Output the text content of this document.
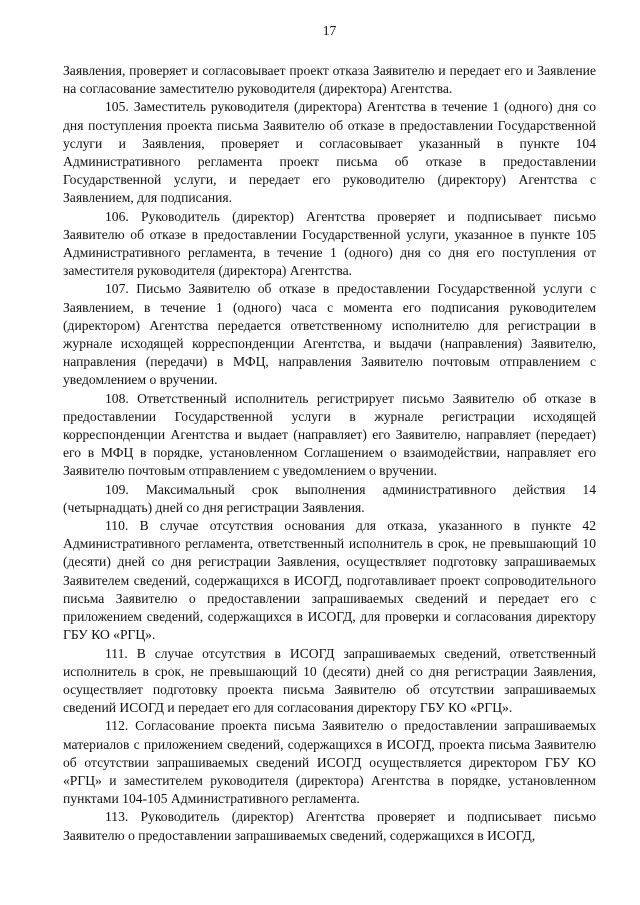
17

Заявления, проверяет и согласовывает проект отказа Заявителю и передает его и Заявление на согласование заместителю руководителя (директора) Агентства.

105. Заместитель руководителя (директора) Агентства в течение 1 (одного) дня со дня поступления проекта письма Заявителю об отказе в предоставлении Государственной услуги и Заявления, проверяет и согласовывает указанный в пункте 104 Административного регламента проект письма об отказе в предоставлении Государственной услуги, и передает его руководителю (директору) Агентства с Заявлением, для подписания.

106. Руководитель (директор) Агентства проверяет и подписывает письмо Заявителю об отказе в предоставлении Государственной услуги, указанное в пункте 105 Административного регламента, в течение 1 (одного) дня со дня его поступления от заместителя руководителя (директора) Агентства.

107. Письмо Заявителю об отказе в предоставлении Государственной услуги с Заявлением, в течение 1 (одного) часа с момента его подписания руководителем (директором) Агентства передается ответственному исполнителю для регистрации в журнале исходящей корреспонденции Агентства, и выдачи (направления) Заявителю, направления (передачи) в МФЦ, направления Заявителю почтовым отправлением с уведомлением о вручении.

108. Ответственный исполнитель регистрирует письмо Заявителю об отказе в предоставлении Государственной услуги в журнале регистрации исходящей корреспонденции Агентства и выдает (направляет) его Заявителю, направляет (передает) его в МФЦ в порядке, установленном Соглашением о взаимодействии, направляет его Заявителю почтовым отправлением с уведомлением о вручении.

109. Максимальный срок выполнения административного действия 14 (четырнадцать) дней со дня регистрации Заявления.

110. В случае отсутствия основания для отказа, указанного в пункте 42 Административного регламента, ответственный исполнитель в срок, не превышающий 10 (десяти) дней со дня регистрации Заявления, осуществляет подготовку запрашиваемых Заявителем сведений, содержащихся в ИСОГД, подготавливает проект сопроводительного письма Заявителю о предоставлении запрашиваемых сведений и передает его с приложением сведений, содержащихся в ИСОГД, для проверки и согласования директору ГБУ КО «РГЦ».

111. В случае отсутствия в ИСОГД запрашиваемых сведений, ответственный исполнитель в срок, не превышающий 10 (десяти) дней со дня регистрации Заявления, осуществляет подготовку проекта письма Заявителю об отсутствии запрашиваемых сведений ИСОГД и передает его для согласования директору ГБУ КО «РГЦ».

112. Согласование проекта письма Заявителю о предоставлении запрашиваемых материалов с приложением сведений, содержащихся в ИСОГД, проекта письма Заявителю об отсутствии запрашиваемых сведений ИСОГД осуществляется директором ГБУ КО «РГЦ» и заместителем руководителя (директора) Агентства в порядке, установленном пунктами 104-105 Административного регламента.

113. Руководитель (директор) Агентства проверяет и подписывает письмо Заявителю о предоставлении запрашиваемых сведений, содержащихся в ИСОГД,
